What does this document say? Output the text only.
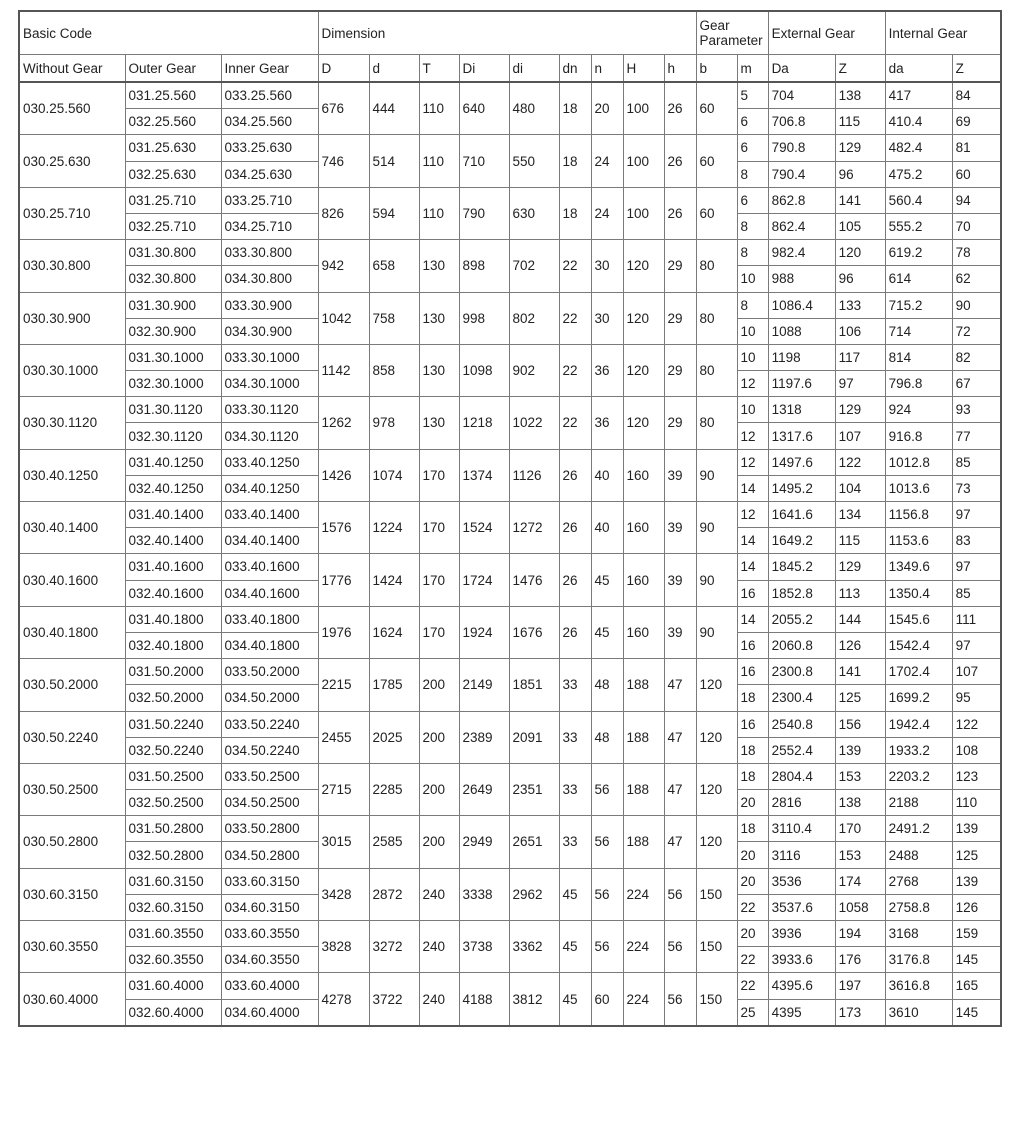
Basic Code			Dimension									Gear Parameter		External Gear		Internal Gear	
Without Gear	Outer Gear	Inner Gear	D	d	T	Di	di	dn	n	H	h	b	m	Da	Z	da	Z
030.25.560	031.25.560	033.25.560	676	444	110	640	480	18	20	100	26	60	5	704	138	417	84
	032.25.560	034.25.560											6	706.8	115	410.4	69
030.25.630	031.25.630	033.25.630	746	514	110	710	550	18	24	100	26	60	6	790.8	129	482.4	81
	032.25.630	034.25.630											8	790.4	96	475.2	60
030.25.710	031.25.710	033.25.710	826	594	110	790	630	18	24	100	26	60	6	862.8	141	560.4	94
	032.25.710	034.25.710											8	862.4	105	555.2	70
030.30.800	031.30.800	033.30.800	942	658	130	898	702	22	30	120	29	80	8	982.4	120	619.2	78
	032.30.800	034.30.800											10	988	96	614	62
030.30.900	031.30.900	033.30.900	1042	758	130	998	802	22	30	120	29	80	8	1086.4	133	715.2	90
	032.30.900	034.30.900											10	1088	106	714	72
030.30.1000	031.30.1000	033.30.1000	1142	858	130	1098	902	22	36	120	29	80	10	1198	117	814	82
	032.30.1000	034.30.1000											12	1197.6	97	796.8	67
030.30.1120	031.30.1120	033.30.1120	1262	978	130	1218	1022	22	36	120	29	80	10	1318	129	924	93
	032.30.1120	034.30.1120											12	1317.6	107	916.8	77
030.40.1250	031.40.1250	033.40.1250	1426	1074	170	1374	1126	26	40	160	39	90	12	1497.6	122	1012.8	85
	032.40.1250	034.40.1250											14	1495.2	104	1013.6	73
030.40.1400	031.40.1400	033.40.1400	1576	1224	170	1524	1272	26	40	160	39	90	12	1641.6	134	1156.8	97
	032.40.1400	034.40.1400											14	1649.2	115	1153.6	83
030.40.1600	031.40.1600	033.40.1600	1776	1424	170	1724	1476	26	45	160	39	90	14	1845.2	129	1349.6	97
	032.40.1600	034.40.1600											16	1852.8	113	1350.4	85
030.40.1800	031.40.1800	033.40.1800	1976	1624	170	1924	1676	26	45	160	39	90	14	2055.2	144	1545.6	111
	032.40.1800	034.40.1800											16	2060.8	126	1542.4	97
030.50.2000	031.50.2000	033.50.2000	2215	1785	200	2149	1851	33	48	188	47	120	16	2300.8	141	1702.4	107
	032.50.2000	034.50.2000											18	2300.4	125	1699.2	95
030.50.2240	031.50.2240	033.50.2240	2455	2025	200	2389	2091	33	48	188	47	120	16	2540.8	156	1942.4	122
	032.50.2240	034.50.2240											18	2552.4	139	1933.2	108
030.50.2500	031.50.2500	033.50.2500	2715	2285	200	2649	2351	33	56	188	47	120	18	2804.4	153	2203.2	123
	032.50.2500	034.50.2500											20	2816	138	2188	110
030.50.2800	031.50.2800	033.50.2800	3015	2585	200	2949	2651	33	56	188	47	120	18	3110.4	170	2491.2	139
	032.50.2800	034.50.2800											20	3116	153	2488	125
030.60.3150	031.60.3150	033.60.3150	3428	2872	240	3338	2962	45	56	224	56	150	20	3536	174	2768	139
	032.60.3150	034.60.3150											22	3537.6	1058	2758.8	126
030.60.3550	031.60.3550	033.60.3550	3828	3272	240	3738	3362	45	56	224	56	150	20	3936	194	3168	159
	032.60.3550	034.60.3550											22	3933.6	176	3176.8	145
030.60.4000	031.60.4000	033.60.4000	4278	3722	240	4188	3812	45	60	224	56	150	22	4395.6	197	3616.8	165
	032.60.4000	034.60.4000											25	4395	173	3610	145
